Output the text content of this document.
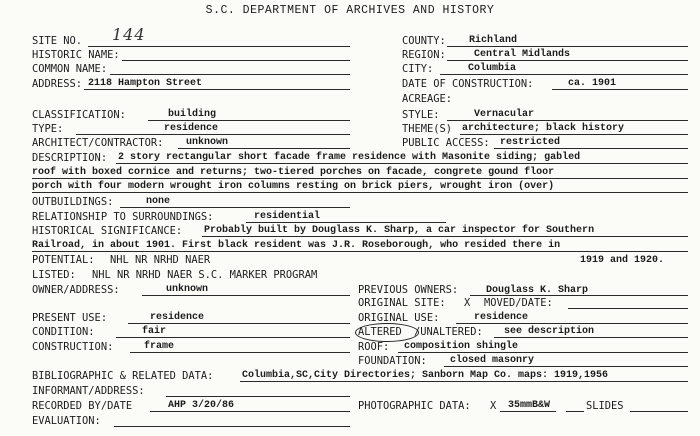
S.C. DEPARTMENT OF ARCHIVES AND HISTORY
SITE NO. 144	COUNTY: Richland
HISTORIC NAME:	REGION:	Central Midlands
COMMON NAME:	CITY:	Columbia
ADDRESS: 2118 Hampton Street	DATE OF CONSTRUCTION:	ca. 1901
ACREAGE:
CLASSIFICATION:	building	STYLE:	Vernacular
TYPE:	residence	THEME(S) architecture; black history
ARCHITECT/CONTRACTOR: unknown	PUBLIC ACCESS: restricted
DESCRIPTION: 2 story rectangular short facade frame residence with Masonite siding; gabled
roof with boxed cornice and returns; two-tiered porches on facade, congrete gound floor
porch with four modern wrought iron columns resting on brick piers, wrought iron (over)
OUTBUILDINGS:	none
RELATIONSHIP TO SURROUNDINGS:	residential
HISTORICAL SIGNIFICANCE: Probably built by Douglass K. Sharp, a car inspector for Southern
Railroad, in about 1901. First black resident was J.R. Roseborough, who resided there in
POTENTIAL: NHL NR NRHD NAER	1919 and 1920.
LISTED: NHL NR NRHD NAER S.C. MARKER PROGRAM
OWNER/ADDRESS:	unknown	PREVIOUS OWNERS:	Douglass K. Sharp
ORIGINAL SITE: X MOVED/DATE:
PRESENT USE:	residence	ORIGINAL USE:	residence
CONDITION:	fair	ALTERED /UNALTERED: see description
CONSTRUCTION:	frame	ROOF: composition shingle
FOUNDATION: closed masonry
BIBLIOGRAPHIC & RELATED DATA:	Columbia,SC,City Directories; Sanborn Map Co. maps: 1919,1956
INFORMANT/ADDRESS:
RECORDED BY/DATE	AHP 3/20/86	PHOTOGRAPHIC DATA: X 35mmB&W	SLIDES
EVALUATION:
